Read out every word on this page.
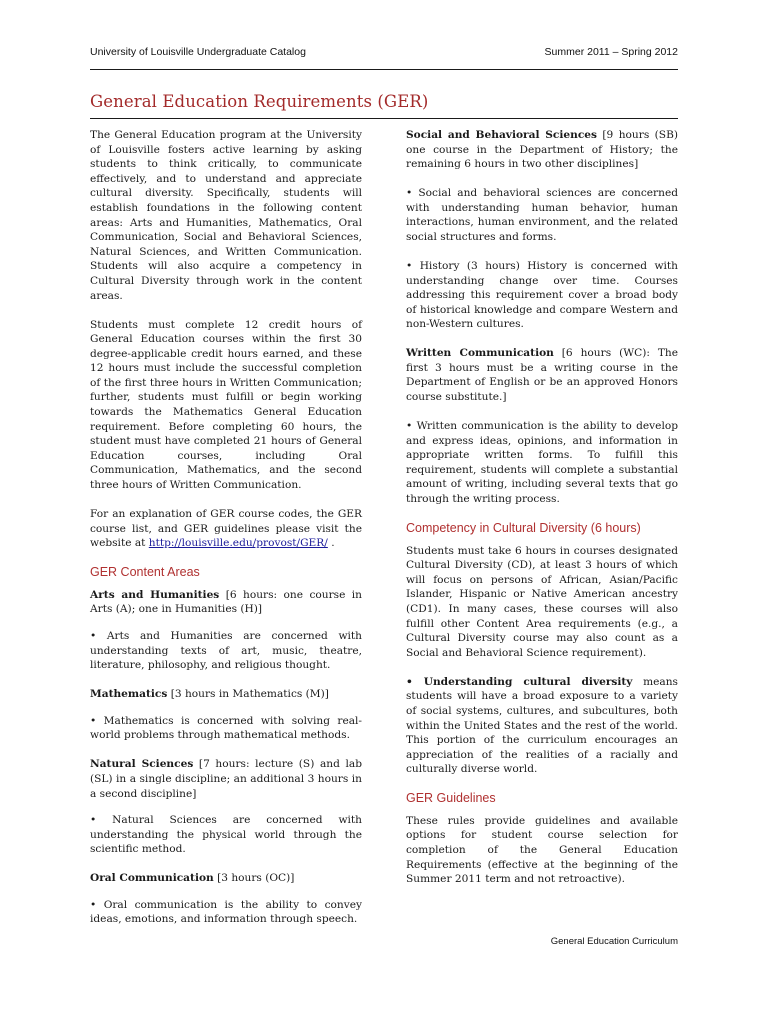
University of Louisville Undergraduate Catalog	Summer 2011 – Spring 2012
General Education Requirements (GER)

The General Education program at the University of Louisville fosters active learning by asking students to think critically, to communicate effectively, and to understand and appreciate cultural diversity. Specifically, students will establish foundations in the following content areas: Arts and Humanities, Mathematics, Oral Communication, Social and Behavioral Sciences, Natural Sciences, and Written Communication. Students will also acquire a competency in Cultural Diversity through work in the content areas.

Students must complete 12 credit hours of General Education courses within the first 30 degree-applicable credit hours earned, and these 12 hours must include the successful completion of the first three hours in Written Communication; further, students must fulfill or begin working towards the Mathematics General Education requirement. Before completing 60 hours, the student must have completed 21 hours of General Education courses, including Oral Communication, Mathematics, and the second three hours of Written Communication.

For an explanation of GER course codes, the GER course list, and GER guidelines please visit the website at http://louisville.edu/provost/GER/ .

GER Content Areas

Arts and Humanities [6 hours: one course in Arts (A); one in Humanities (H)]

• Arts and Humanities are concerned with understanding texts of art, music, theatre, literature, philosophy, and religious thought.

Mathematics [3 hours in Mathematics (M)]

• Mathematics is concerned with solving real-world problems through mathematical methods.

Natural Sciences [7 hours: lecture (S) and lab (SL) in a single discipline; an additional 3 hours in a second discipline]

• Natural Sciences are concerned with understanding the physical world through the scientific method.

Oral Communication [3 hours (OC)]

• Oral communication is the ability to convey ideas, emotions, and information through speech.

Social and Behavioral Sciences [9 hours (SB) one course in the Department of History; the remaining 6 hours in two other disciplines]

• Social and behavioral sciences are concerned with understanding human behavior, human interactions, human environment, and the related social structures and forms.

• History (3 hours) History is concerned with understanding change over time. Courses addressing this requirement cover a broad body of historical knowledge and compare Western and non-Western cultures.

Written Communication [6 hours (WC): The first 3 hours must be a writing course in the Department of English or be an approved Honors course substitute.]

• Written communication is the ability to develop and express ideas, opinions, and information in appropriate written forms. To fulfill this requirement, students will complete a substantial amount of writing, including several texts that go through the writing process.

Competency in Cultural Diversity (6 hours)

Students must take 6 hours in courses designated Cultural Diversity (CD), at least 3 hours of which will focus on persons of African, Asian/Pacific Islander, Hispanic or Native American ancestry (CD1). In many cases, these courses will also fulfill other Content Area requirements (e.g., a Cultural Diversity course may also count as a Social and Behavioral Science requirement).

• Understanding cultural diversity means students will have a broad exposure to a variety of social systems, cultures, and subcultures, both within the United States and the rest of the world. This portion of the curriculum encourages an appreciation of the realities of a racially and culturally diverse world.

GER Guidelines

These rules provide guidelines and available options for student course selection for completion of the General Education Requirements (effective at the beginning of the Summer 2011 term and not retroactive).

General Education Curriculum
